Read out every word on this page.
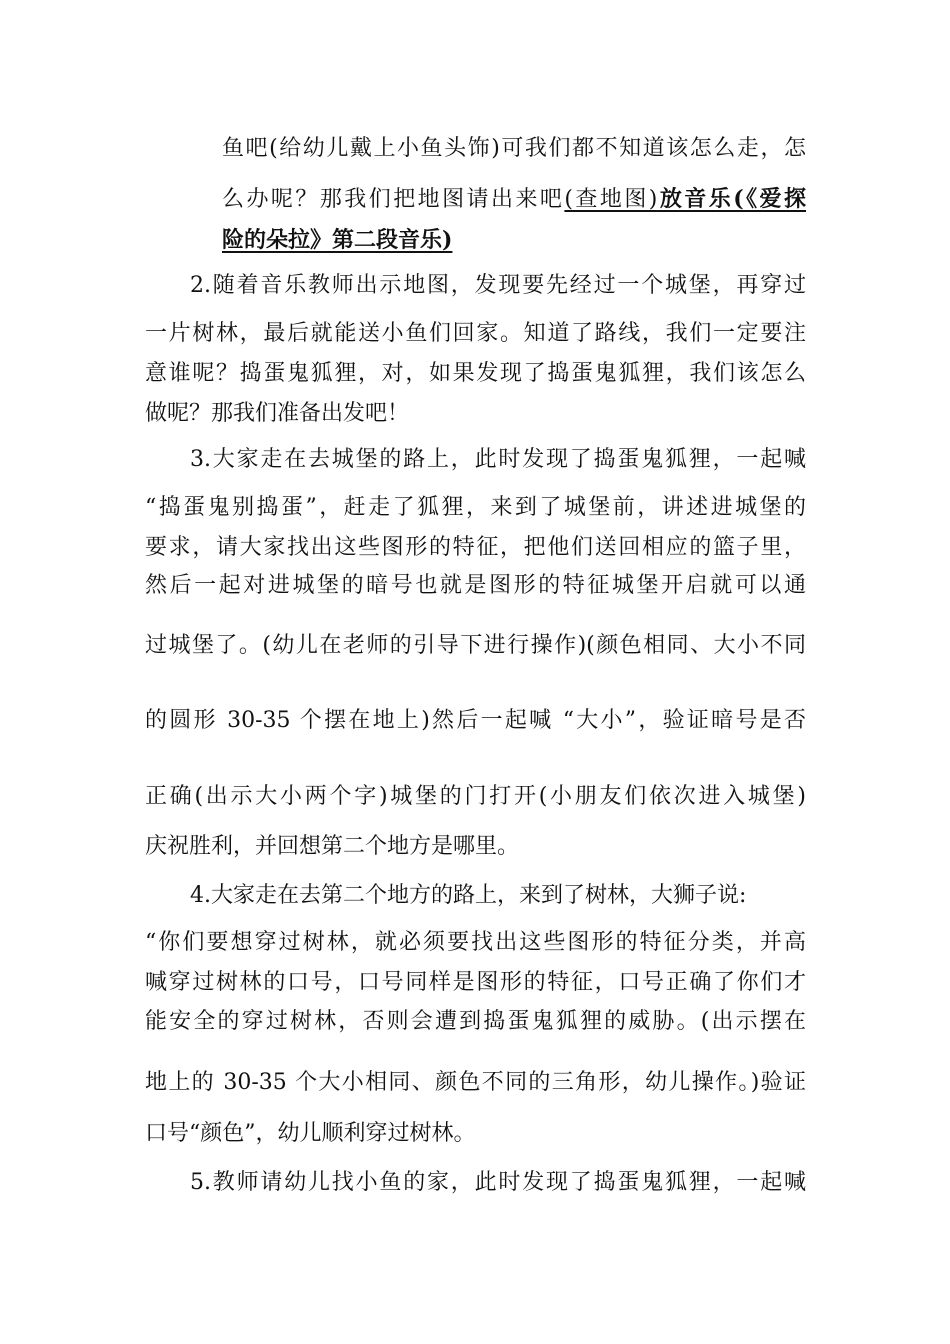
鱼吧(给幼儿戴上小鱼头饰)可我们都不知道该怎么走，怎
么办呢？那我们把地图请出来吧(查地图)放音乐(《爱探
险的朵拉》第二段音乐)
2.随着音乐教师出示地图，发现要先经过一个城堡，再穿过
一片树林，最后就能送小鱼们回家。知道了路线，我们一定要注
意谁呢？捣蛋鬼狐狸，对，如果发现了捣蛋鬼狐狸，我们该怎么
做呢？那我们准备出发吧！
3.大家走在去城堡的路上，此时发现了捣蛋鬼狐狸，一起喊
“捣蛋鬼别捣蛋”，赶走了狐狸，来到了城堡前，讲述进城堡的
要求，请大家找出这些图形的特征，把他们送回相应的篮子里，
然后一起对进城堡的暗号也就是图形的特征城堡开启就可以通
过城堡了。(幼儿在老师的引导下进行操作)(颜色相同、大小不同
的圆形 30-35 个摆在地上)然后一起喊 “大小”，验证暗号是否
正确(出示大小两个字)城堡的门打开(小朋友们依次进入城堡)
庆祝胜利，并回想第二个地方是哪里。
4.大家走在去第二个地方的路上，来到了树林，大狮子说:
“你们要想穿过树林，就必须要找出这些图形的特征分类，并高
喊穿过树林的口号，口号同样是图形的特征，口号正确了你们才
能安全的穿过树林，否则会遭到捣蛋鬼狐狸的威胁。(出示摆在
地上的 30-35 个大小相同、颜色不同的三角形，幼儿操作。)验证
口号“颜色”，幼儿顺利穿过树林。
5.教师请幼儿找小鱼的家，此时发现了捣蛋鬼狐狸，一起喊
